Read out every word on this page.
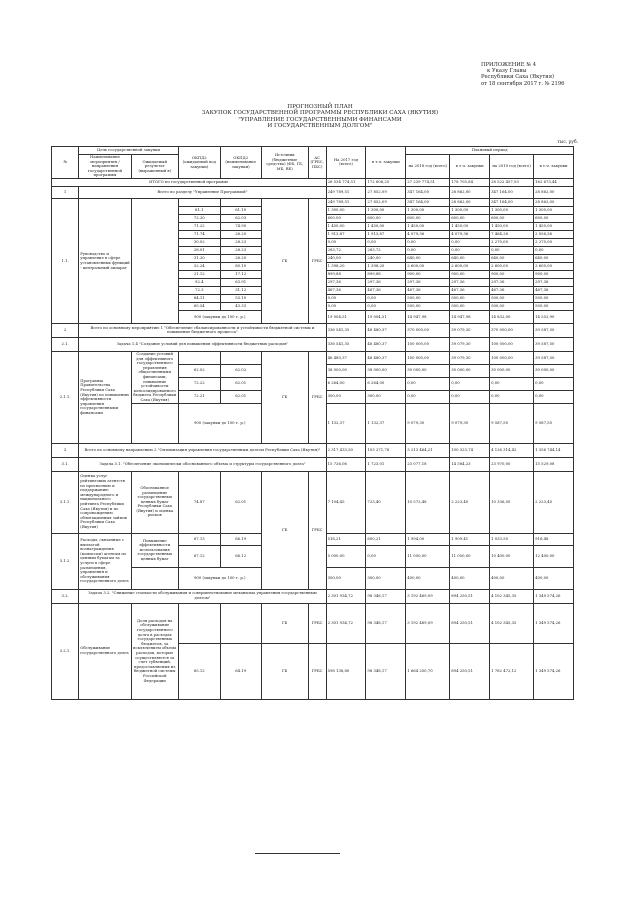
ПРИЛОЖЕНИЕ № 4
к Указу Главы
Республики Саха (Якутия)
от 18 сентября 2017 г. № 2196
ПРОГНОЗНЫЙ ПЛАН
ЗАКУПОК ГОСУДАРСТВЕННОЙ ПРОГРАММЫ РЕСПУБЛИКИ САХА (ЯКУТИЯ)
"УПРАВЛЕНИЕ ГОСУДАРСТВЕННЫМИ ФИНАНСАМИ
И ГОСУДАРСТВЕННЫМ ДОЛГОМ"
тыс. руб.
№	Цель государственной закупки		ОКПД2 (ожидаемый код закупки)	ОКПД2 (наименование закупки)	Источник (бюджетные средства) (ФБ, ГБ, МБ, ВБ)	АС (ГРБС, ПБС)	На 2017 год (всего)	в т.ч. закупки	Плановый период			
	Наименование мероприятия / направления государственной программы	Ожидаемый результат (выраженный в)							на 2018 год (всего)	в т.ч. закупки	на 2019 год (всего)	в т.ч. закупки

ИТОГО по государственной программе							26 534 774,51	172 606,25	27 239 774,51	178 705,84	28 522 457,93	162 673,44
1	Всего по разделу "Управление Программой"						249 789,51	27 852,09	347 164,00	28 862,00	347 164,00	28 862,00
1.1.	Руководство и управление в сфере установленных функций - центральный аппарат				ГБ	ГРБС	249 789,51	27 852,09	347 164,00	28 862,00	347 164,00	28 862,00
			61.1	61.10			1 300,00	1 300,00	1 300,00	1 300,00	1 300,00	1 300,00
			72.20	62.03			600,00	600,00	600,00	600,00	600,00	600,00
			71.22	74.90			1 450,00	1 450,00	1 450,00	1 450,00	1 450,00	1 450,00
			71.74	26.20			1 913,87	1 913,87	4 079,36	4 079,36	7 464,26	2 056,36
			30.02	28.23			0,00	0,00	0,00	0,00	2 270,00	2 270,00
			28.01	28.23			283,72	283,72	0,00	0,00	0,00	0,00
			31.20	26.20			240,00	240,00	640,00	640,00	640,00	640,00
			52.24	80.10			1 398,20	1 398,20	2 600,00	2 600,00	2 600,00	2 600,00
			21.12	17.12			899,88	899,88	900,00	900,00	900,00	900,00
			92.4	63.91			297,36	297,36	297,36	297,36	297,36	297,36
			72.3	31.12			467,36	467,36	467,36	467,36	467,36	467,36
			64.11	53.10			0,00	0,00	500,00	500,00	500,00	500,00
			65.54	43.33			0,00	0,00	500,00	500,00	500,00	500,00
			900 (закупки до 100 т. р.)				19 004,51	19 004,51	14 947,98	14 947,98	14 832,00	14 552,90
2	Всего по основному мероприятию 1 "Обеспечение сбалансированности и устойчивости бюджетной системы и повышение бюджетного процесса"						336 541,35	46 480,37	370 000,00	39 079,30	370 000,00	39 587,50
2.1.	Задача 1.4 "Создание условий для повышения эффективности бюджетных расходов"						336 541,35	46 480,37	100 000,00	39 079,30	100 000,00	39 587,50
2.1.1.	Программа Правительства Республики Саха (Якутия) по повышению эффективности управления государственными финансами	Создание условий для эффективного государственного управления общественными финансами, повышение устойчивости консолидированного бюджета Республики Саха (Якутия)			ГБ	ГРБС	46 480,37	46 480,37	100 000,00	39 079,30	100 000,00	39 587,50
			62.02	62.02			38 000,00	38 000,00	30 000,00	30 000,00	30 000,00	30 000,00
			72.22	62.01			6 264,00	6 264,00	0,00	0,00	0,00	0,00
			72.21	62.01			300,00	300,00	0,00	0,00	0,00	0,00
			900 (закупки до 100 т. р.)				1 132,37	1 132,37	9 079,30	9 079,30	9 587,50	9 587,50
3	Всего по основному направлению 2 "Оптимизация управления государственным долгом Республики Саха (Якутия)"						2 317 433,50	103 271,78	3 213 464,21	100 323,74	4 126 314,42	1 356 744,14
3.1.	Задача 3.1. "Обеспечение экономически обоснованного объема и структуры государственного долга"						15 726,06	1 723,01	23 077,18	14 584,23	23 970,00	15 529,08
3.1.1.	Оценка услуг рейтинговых агентств по присвоению и поддержанию международного и национального рейтинга Республики Саха (Якутия) и по сопровождению облигационных займов Республики Саха (Якутия)	Обоснованное размещение государственных ценных бумаг Республики Саха (Якутия) и оценка рисков	74.87	62.01	ГБ	ГРБС	7 104,45	723,40	10 572,48	2 223,40	10 336,50	2 223,40
3.1.2.	Расходы, связанные с выплатой вознаграждения (комиссии) агентам по ценным бумагам за услуги в сфере размещения, управления и обслуживания государственного долга	Повышение эффективности использования государственных ценных бумаг	67.13	66.19			516,21	600,21	1 994,00	1 909,41	1 033,50	916,48
			67.12	66.12			5 000,00	0,00	11 050,00	11 050,00	10 400,00	12 400,00
			900 (закупки до 100 т. р.)				300,00	300,00	400,00	400,00	400,00	400,00
3.2.	Задача 3.2. "Снижение стоимости обслуживания и совершенствование механизма управления государственным долгом"						2 301 934,72	98 348,17	3 192 469,09	894 250,51	4 102 345,35	1 349 574,26
3.2.1.	Обслуживание государственного долга	Доля расходов на обслуживание государственного долга в расходах государственных бюджетов, за исключением объема расходов, которые осуществляются за счет субвенций, предоставляемых из бюджетной системы Российской Федерации			ГБ	ГРБС	2 301 934,72	98 348,17	3 192 469,09	894 250,51	4 102 345,35	1 349 574,26
			65.12	64.19	ГБ	ГРБС	598 138,80	98 348,17	1 664 250,70	894 250,51	1 782 472,12	1 349 574,26
